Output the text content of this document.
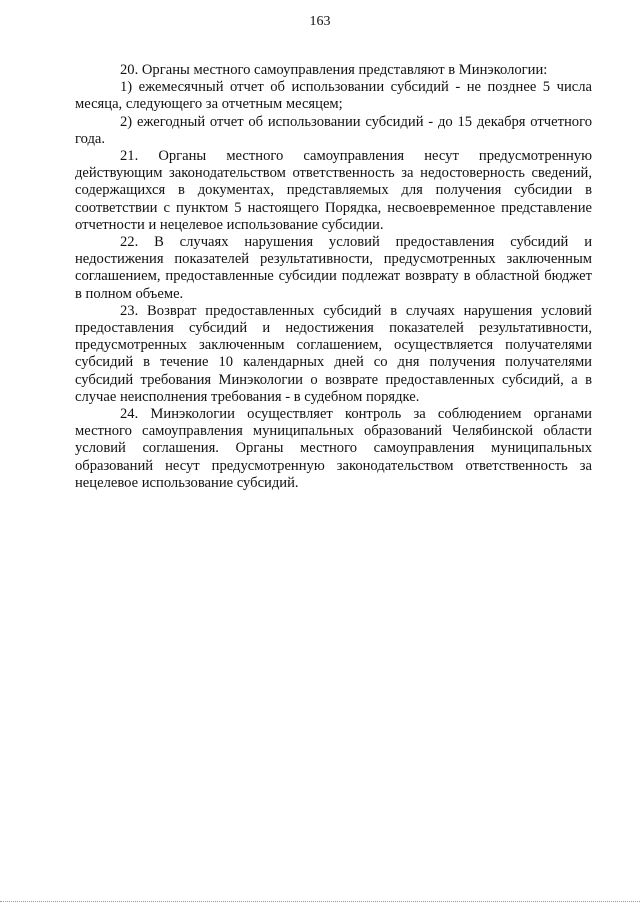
163

20. Органы местного самоуправления представляют в Минэкологии:

1) ежемесячный отчет об использовании субсидий - не позднее 5 числа месяца, следующего за отчетным месяцем;

2) ежегодный отчет об использовании субсидий - до 15 декабря отчетного года.

21. Органы местного самоуправления несут предусмотренную действующим законодательством ответственность за недостоверность сведений, содержащихся в документах, представляемых для получения субсидии в соответствии с пунктом 5 настоящего Порядка, несвоевременное представление отчетности и нецелевое использование субсидии.

22. В случаях нарушения условий предоставления субсидий и недостижения показателей результативности, предусмотренных заключенным соглашением, предоставленные субсидии подлежат возврату в областной бюджет в полном объеме.

23. Возврат предоставленных субсидий в случаях нарушения условий предоставления субсидий и недостижения показателей результативности, предусмотренных заключенным соглашением, осуществляется получателями субсидий в течение 10 календарных дней со дня получения получателями субсидий требования Минэкологии о возврате предоставленных субсидий, а в случае неисполнения требования - в судебном порядке.

24. Минэкологии осуществляет контроль за соблюдением органами местного самоуправления муниципальных образований Челябинской области условий соглашения. Органы местного самоуправления муниципальных образований несут предусмотренную законодательством ответственность за нецелевое использование субсидий.
